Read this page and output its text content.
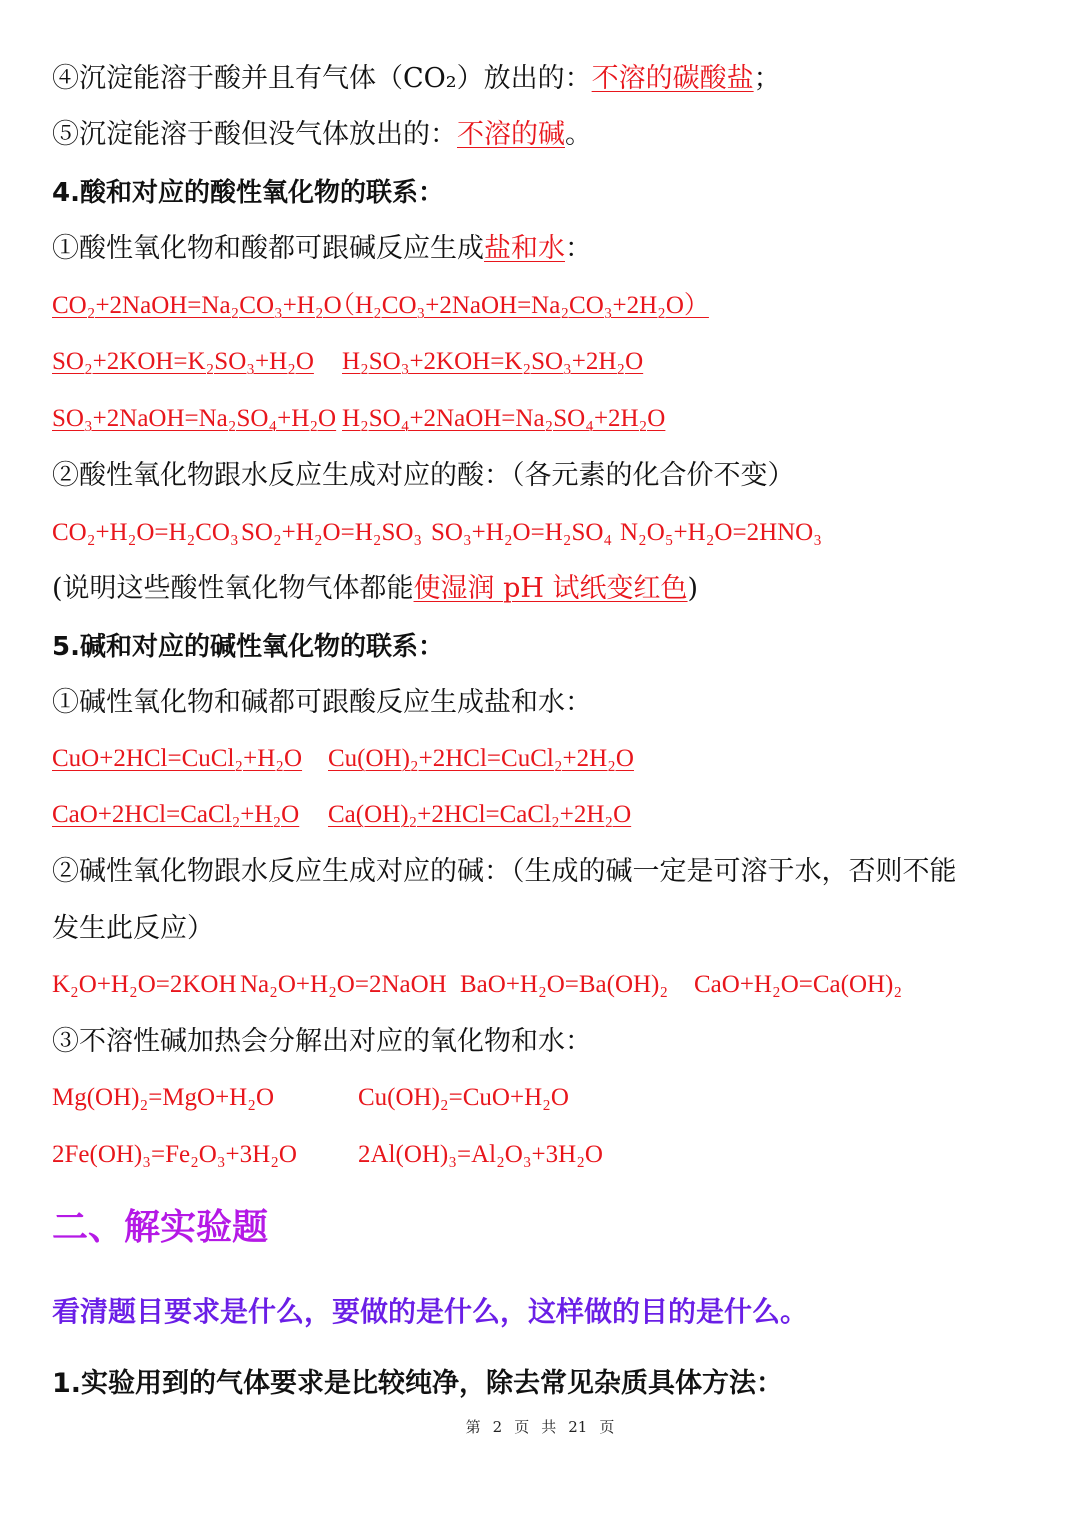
④沉淀能溶于酸并且有气体（CO₂）放出的：不溶的碳酸盐；
⑤沉淀能溶于酸但没气体放出的：不溶的碱。
4.酸和对应的酸性氧化物的联系：
①酸性氧化物和酸都可跟碱反应生成盐和水：
CO₂+2NaOH=Na₂CO₃+H₂O
（H₂CO₃+2NaOH=Na₂CO₃+2H₂O）
SO₂+2KOH=K₂SO₃+H₂O H₂SO₃+2KOH=K₂SO₃+2H₂O
SO₃+2NaOH=Na₂SO₄+H₂O H₂SO₄+2NaOH=Na₂SO₄+2H₂O
②酸性氧化物跟水反应生成对应的酸：（各元素的化合价不变）
CO₂+H₂O=H₂CO₃ SO₂+H₂O=H₂SO₃ SO₃+H₂O=H₂SO₄ N₂O₅+H₂O=2HNO₃
(说明这些酸性氧化物气体都能使湿润 pH 试纸变红色)
5.碱和对应的碱性氧化物的联系：
①碱性氧化物和碱都可跟酸反应生成盐和水：
CuO+2HCl=CuCl₂+H₂O Cu(OH)₂+2HCl=CuCl₂+2H₂O
CaO+2HCl=CaCl₂+H₂O Ca(OH)₂+2HCl=CaCl₂+2H₂O
②碱性氧化物跟水反应生成对应的碱：（生成的碱一定是可溶于水，否则不能
发生此反应）
K₂O+H₂O=2KOH Na₂O+H₂O=2NaOH BaO+H₂O=Ba(OH)₂ CaO+H₂O=Ca(OH)₂
③不溶性碱加热会分解出对应的氧化物和水：
Mg(OH)₂=MgO+H₂O	Cu(OH)₂=CuO+H₂O
2Fe(OH)₃=Fe₂O₃+3H₂O 2Al(OH)₃=Al₂O₃+3H₂O
二、解实验题
看清题目要求是什么，要做的是什么，这样做的目的是什么。
1.实验用到的气体要求是比较纯净，除去常见杂质具体方法：
第 2 页 共 21 页
